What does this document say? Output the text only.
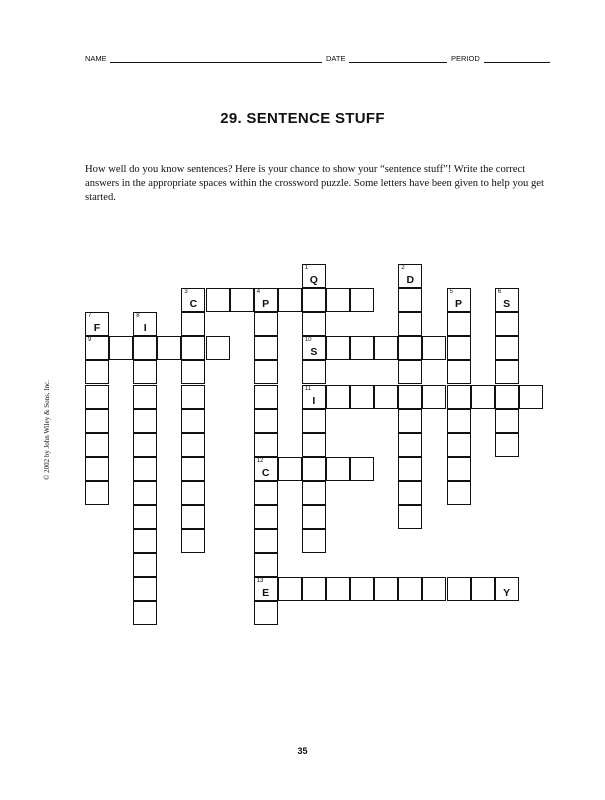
NAME	DATE	PERIOD
29. SENTENCE STUFF
How well do you know sentences? Here is your chance to show your “sentence stuff”! Write the correct answers in the appropriate spaces within the crossword puzzle. Some letters have been given to help you get started.
© 2002 by John Wiley & Sons, Inc.
3
C
4
P
9	10
S
11
I
12
C
13
E	Y
1
Q
2
D
5
P
6
S
7
F
8
I
35
